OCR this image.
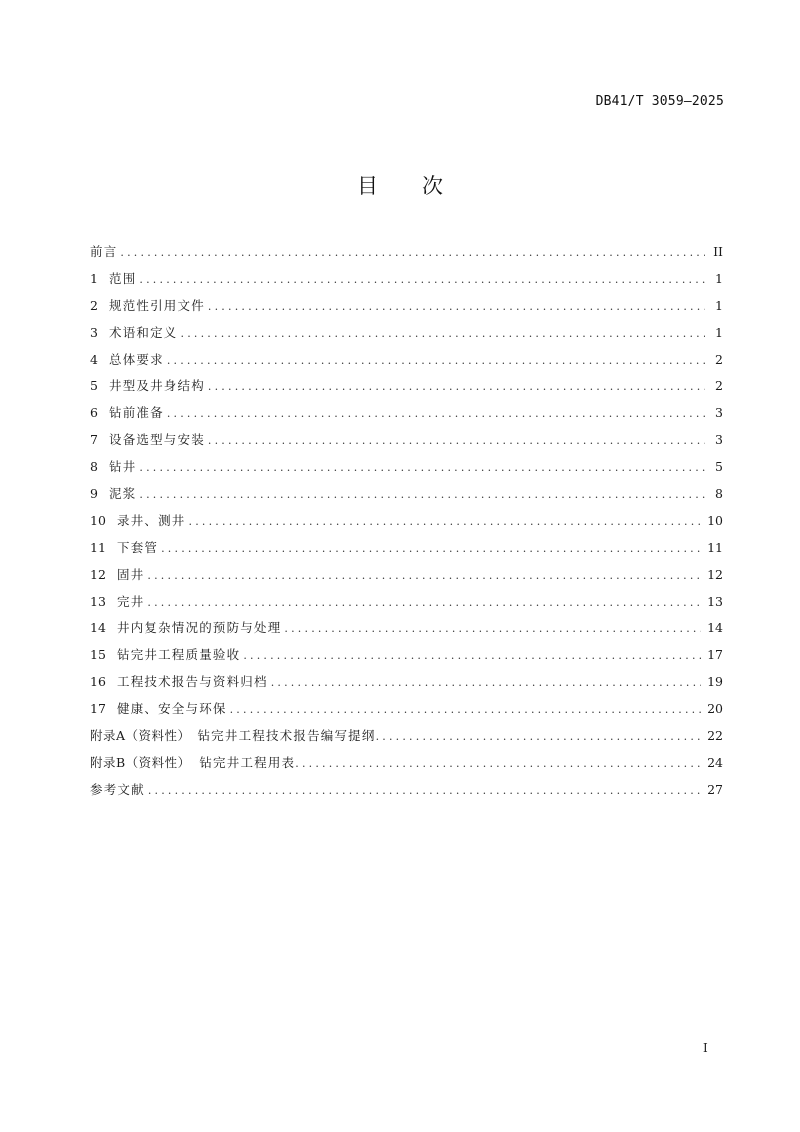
DB41/T 3059—2025
目 次
前言 .....	II
1 范围 .....	1
2 规范性引用文件 .....	1
3 术语和定义 .....	1
4 总体要求 .....	2
5 井型及井身结构 .....	2
6 钻前准备 .....	3
7 设备选型与安装 .....	3
8 钻井 .....	5
9 泥浆 .....	8
10 录井、测井 .....	10
11 下套管 .....	11
12 固井 .....	12
13 完井 .....	13
14 井内复杂情况的预防与处理 .....	14
15 钻完井工程质量验收 .....	17
16 工程技术报告与资料归档 .....	19
17 健康、安全与环保 .....	20
附录A（资料性） 钻完井工程技术报告编写提纲 .....	22
附录B（资料性） 钻完井工程用表 .....	24
参考文献 .....	27
I
